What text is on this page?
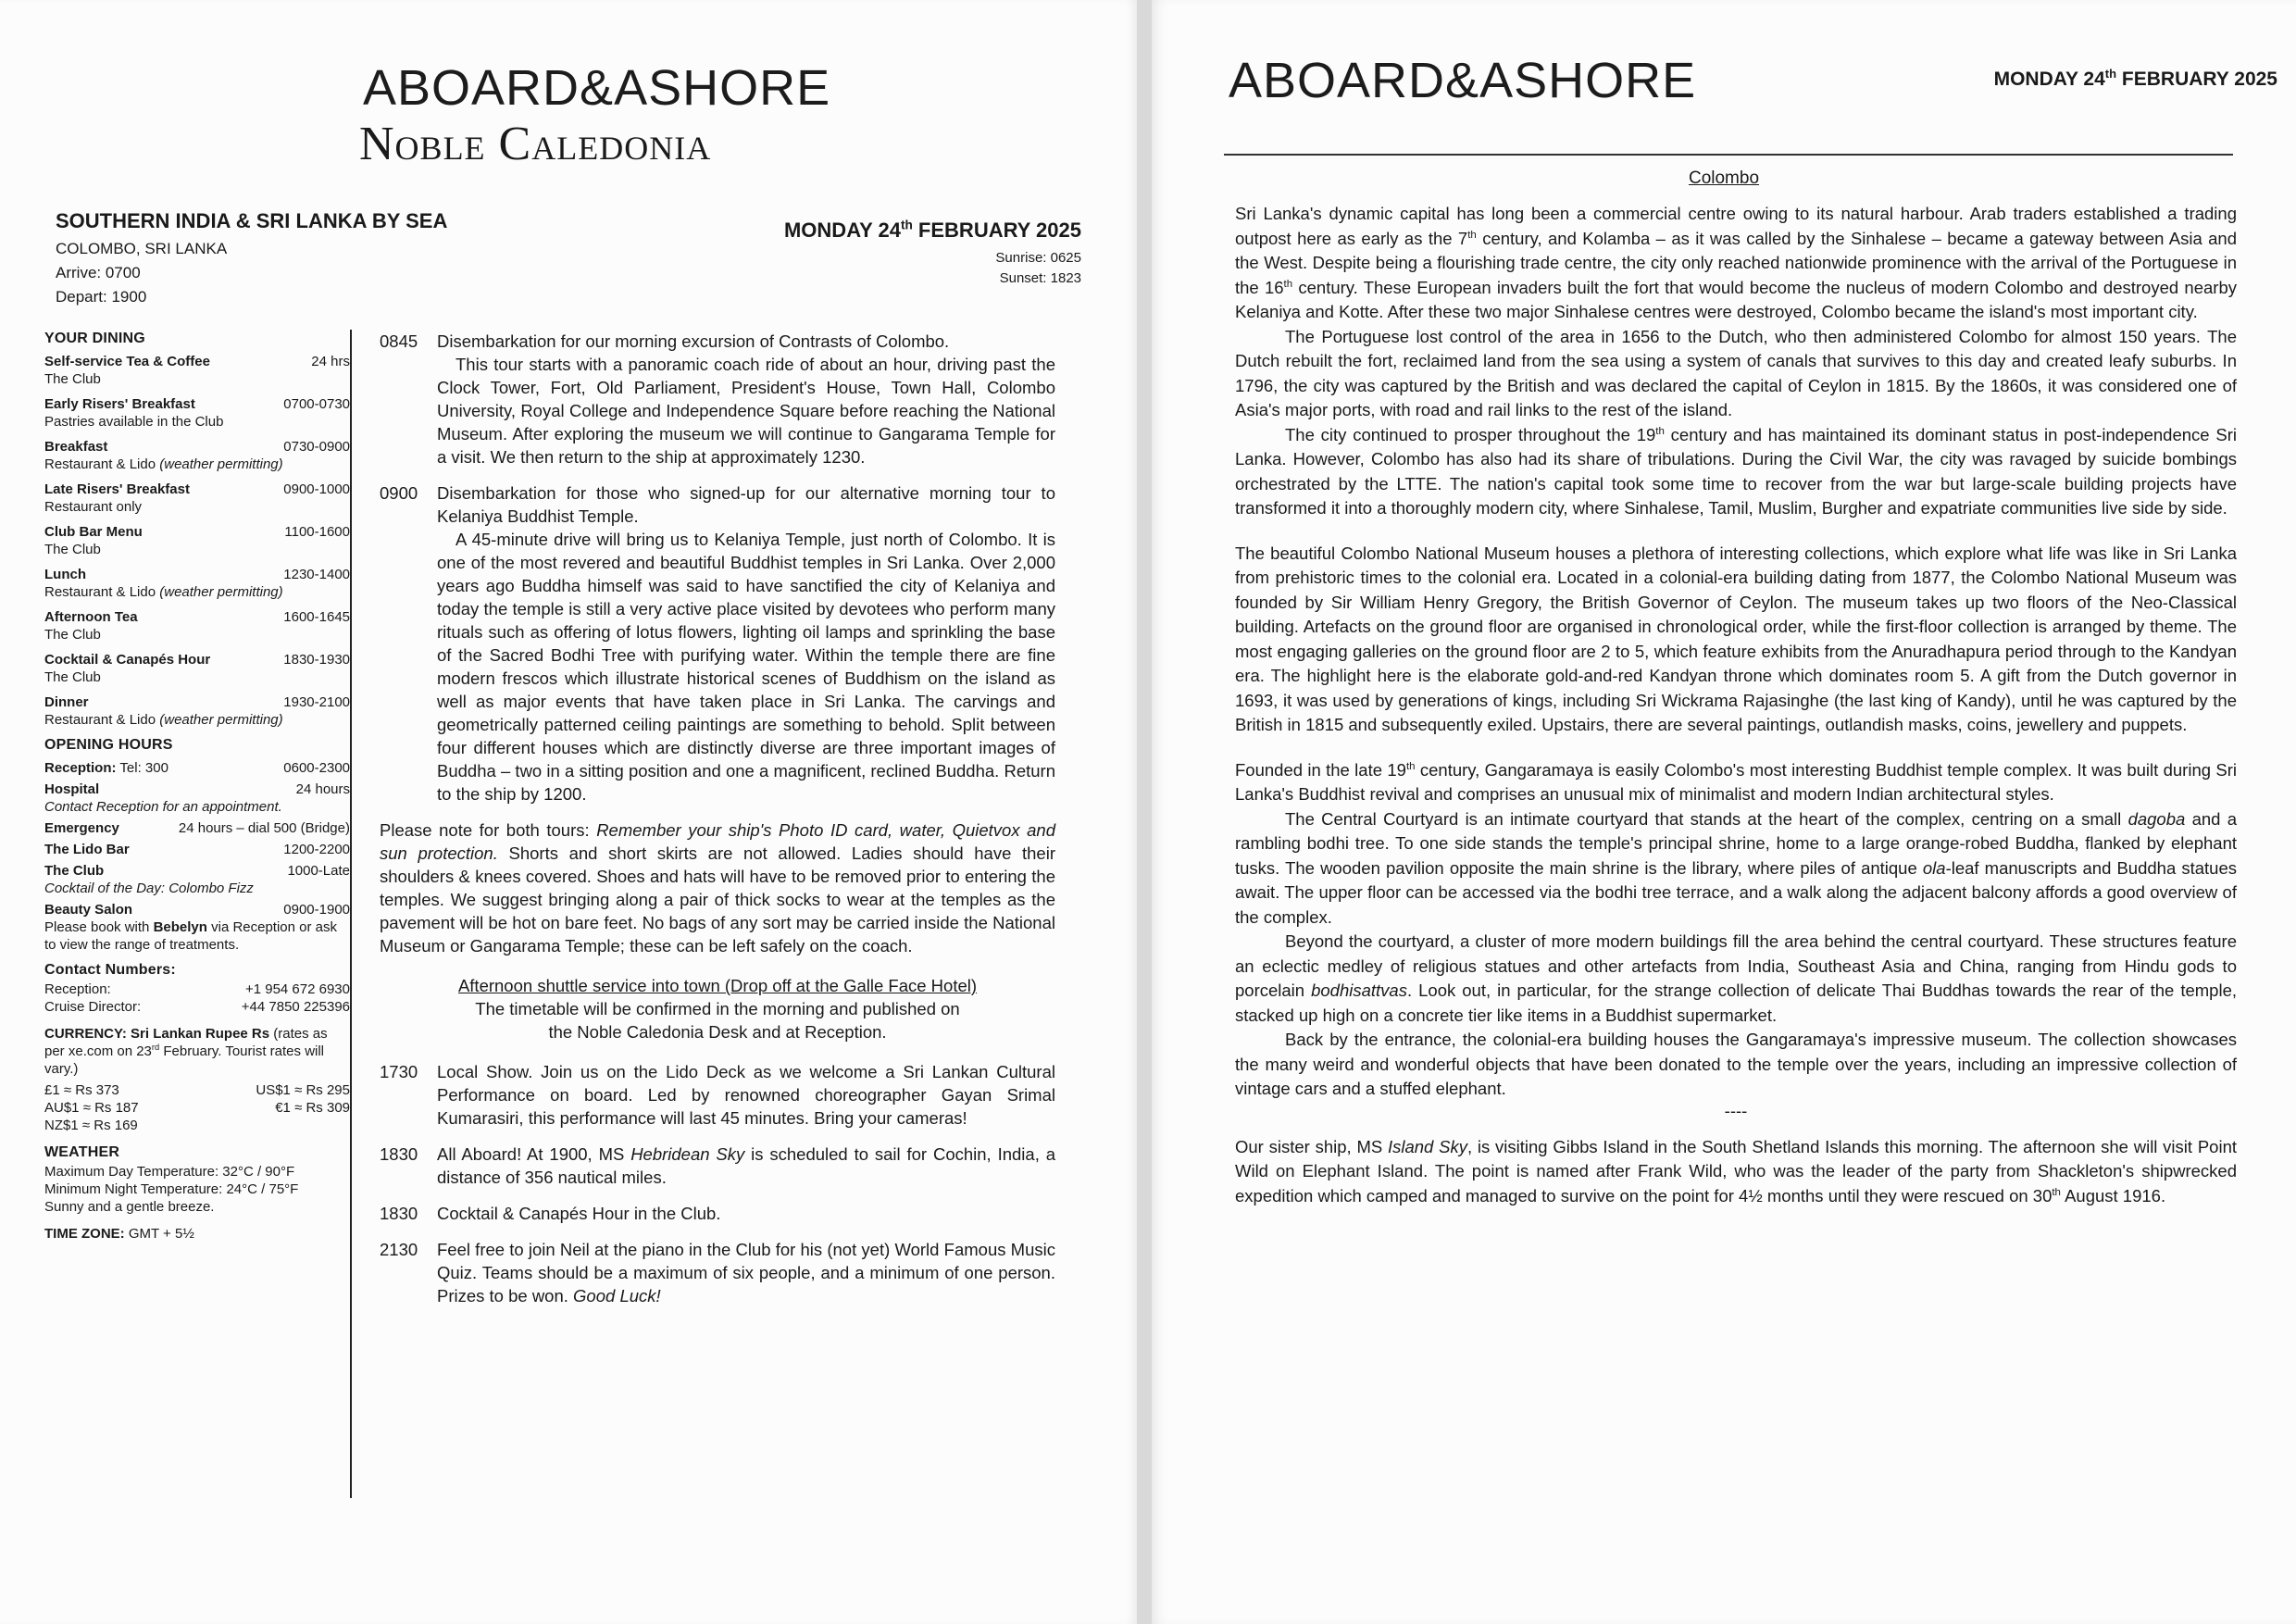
ABOARD&ASHORE
Noble Caledonia
SOUTHERN INDIA & SRI LANKA BY SEA
COLOMBO, SRI LANKA
Arrive: 0700
Depart: 1900
MONDAY 24th FEBRUARY 2025
Sunrise: 0625
Sunset: 1823
YOUR DINING
Self-service Tea & Coffee	24 hrs
The Club
Early Risers' Breakfast	0700-0730
Pastries available in the Club
Breakfast	0730-0900
Restaurant & Lido (weather permitting)
Late Risers' Breakfast	0900-1000
Restaurant only
Club Bar Menu	1100-1600
The Club
Lunch	1230-1400
Restaurant & Lido (weather permitting)
Afternoon Tea	1600-1645
The Club
Cocktail & Canapés Hour	1830-1930
The Club
Dinner	1930-2100
Restaurant & Lido (weather permitting)
OPENING HOURS
Reception: Tel: 300	0600-2300
Hospital	24 hours
Contact Reception for an appointment.
Emergency	24 hours – dial 500 (Bridge)
The Lido Bar	1200-2200
The Club	1000-Late
Cocktail of the Day: Colombo Fizz
Beauty Salon	0900-1900
Please book with Bebelyn via Reception or ask to view the range of treatments.
Contact Numbers:
Reception:	+1 954 672 6930
Cruise Director:	+44 7850 225396
CURRENCY: Sri Lankan Rupee Rs (rates as per xe.com on 23rd February. Tourist rates will vary.)
£1 ≈ Rs 373	US$1 ≈ Rs 295
AU$1 ≈ Rs 187	€1 ≈ Rs 309
NZ$1 ≈ Rs 169
WEATHER
Maximum Day Temperature: 32°C / 90°F
Minimum Night Temperature: 24°C / 75°F
Sunny and a gentle breeze.
TIME ZONE: GMT + 5½
0845	Disembarkation for our morning excursion of Contrasts of Colombo.
This tour starts with a panoramic coach ride of about an hour, driving past the Clock Tower, Fort, Old Parliament, President's House, Town Hall, Colombo University, Royal College and Independence Square before reaching the National Museum. After exploring the museum we will continue to Gangarama Temple for a visit. We then return to the ship at approximately 1230.
0900	Disembarkation for those who signed-up for our alternative morning tour to Kelaniya Buddhist Temple.
A 45-minute drive will bring us to Kelaniya Temple, just north of Colombo. It is one of the most revered and beautiful Buddhist temples in Sri Lanka. Over 2,000 years ago Buddha himself was said to have sanctified the city of Kelaniya and today the temple is still a very active place visited by devotees who perform many rituals such as offering of lotus flowers, lighting oil lamps and sprinkling the base of the Sacred Bodhi Tree with purifying water. Within the temple there are fine modern frescos which illustrate historical scenes of Buddhism on the island as well as major events that have taken place in Sri Lanka. The carvings and geometrically patterned ceiling paintings are something to behold. Split between four different houses which are distinctly diverse are three important images of Buddha – two in a sitting position and one a magnificent, reclined Buddha. Return to the ship by 1200.
Please note for both tours: Remember your ship's Photo ID card, water, Quietvox and sun protection. Shorts and short skirts are not allowed. Ladies should have their shoulders & knees covered. Shoes and hats will have to be removed prior to entering the temples. We suggest bringing along a pair of thick socks to wear at the temples as the pavement will be hot on bare feet. No bags of any sort may be carried inside the National Museum or Gangarama Temple; these can be left safely on the coach.
Afternoon shuttle service into town (Drop off at the Galle Face Hotel)
The timetable will be confirmed in the morning and published on the Noble Caledonia Desk and at Reception.
1730	Local Show. Join us on the Lido Deck as we welcome a Sri Lankan Cultural Performance on board. Led by renowned choreographer Gayan Srimal Kumarasiri, this performance will last 45 minutes. Bring your cameras!
1830	All Aboard! At 1900, MS Hebridean Sky is scheduled to sail for Cochin, India, a distance of 356 nautical miles.
1830	Cocktail & Canapés Hour in the Club.
2130	Feel free to join Neil at the piano in the Club for his (not yet) World Famous Music Quiz. Teams should be a maximum of six people, and a minimum of one person. Prizes to be won. Good Luck!
ABOARD&ASHORE	MONDAY 24th FEBRUARY 2025
Colombo

Sri Lanka's dynamic capital has long been a commercial centre owing to its natural harbour. Arab traders established a trading outpost here as early as the 7th century, and Kolamba – as it was called by the Sinhalese – became a gateway between Asia and the West. Despite being a flourishing trade centre, the city only reached nationwide prominence with the arrival of the Portuguese in the 16th century. These European invaders built the fort that would become the nucleus of modern Colombo and destroyed nearby Kelaniya and Kotte. After these two major Sinhalese centres were destroyed, Colombo became the island's most important city.

The Portuguese lost control of the area in 1656 to the Dutch, who then administered Colombo for almost 150 years. The Dutch rebuilt the fort, reclaimed land from the sea using a system of canals that survives to this day and created leafy suburbs. In 1796, the city was captured by the British and was declared the capital of Ceylon in 1815. By the 1860s, it was considered one of Asia's major ports, with road and rail links to the rest of the island.

The city continued to prosper throughout the 19th century and has maintained its dominant status in post-independence Sri Lanka. However, Colombo has also had its share of tribulations. During the Civil War, the city was ravaged by suicide bombings orchestrated by the LTTE. The nation's capital took some time to recover from the war but large-scale building projects have transformed it into a thoroughly modern city, where Sinhalese, Tamil, Muslim, Burgher and expatriate communities live side by side.

The beautiful Colombo National Museum houses a plethora of interesting collections, which explore what life was like in Sri Lanka from prehistoric times to the colonial era. Located in a colonial-era building dating from 1877, the Colombo National Museum was founded by Sir William Henry Gregory, the British Governor of Ceylon. The museum takes up two floors of the Neo-Classical building. Artefacts on the ground floor are organised in chronological order, while the first-floor collection is arranged by theme. The most engaging galleries on the ground floor are 2 to 5, which feature exhibits from the Anuradhapura period through to the Kandyan era. The highlight here is the elaborate gold-and-red Kandyan throne which dominates room 5. A gift from the Dutch governor in 1693, it was used by generations of kings, including Sri Wickrama Rajasinghe (the last king of Kandy), until he was captured by the British in 1815 and subsequently exiled. Upstairs, there are several paintings, outlandish masks, coins, jewellery and puppets.

Founded in the late 19th century, Gangaramaya is easily Colombo's most interesting Buddhist temple complex. It was built during Sri Lanka's Buddhist revival and comprises an unusual mix of minimalist and modern Indian architectural styles.

The Central Courtyard is an intimate courtyard that stands at the heart of the complex, centring on a small dagoba and a rambling bodhi tree. To one side stands the temple's principal shrine, home to a large orange-robed Buddha, flanked by elephant tusks. The wooden pavilion opposite the main shrine is the library, where piles of antique ola-leaf manuscripts and Buddha statues await. The upper floor can be accessed via the bodhi tree terrace, and a walk along the adjacent balcony affords a good overview of the complex.

Beyond the courtyard, a cluster of more modern buildings fill the area behind the central courtyard. These structures feature an eclectic medley of religious statues and other artefacts from India, Southeast Asia and China, ranging from Hindu gods to porcelain bodhisattvas. Look out, in particular, for the strange collection of delicate Thai Buddhas towards the rear of the temple, stacked up high on a concrete tier like items in a Buddhist supermarket.

Back by the entrance, the colonial-era building houses the Gangaramaya's impressive museum. The collection showcases the many weird and wonderful objects that have been donated to the temple over the years, including an impressive collection of vintage cars and a stuffed elephant.

----

Our sister ship, MS Island Sky, is visiting Gibbs Island in the South Shetland Islands this morning. The afternoon she will visit Point Wild on Elephant Island. The point is named after Frank Wild, who was the leader of the party from Shackleton's shipwrecked expedition which camped and managed to survive on the point for 4½ months until they were rescued on 30th August 1916.
